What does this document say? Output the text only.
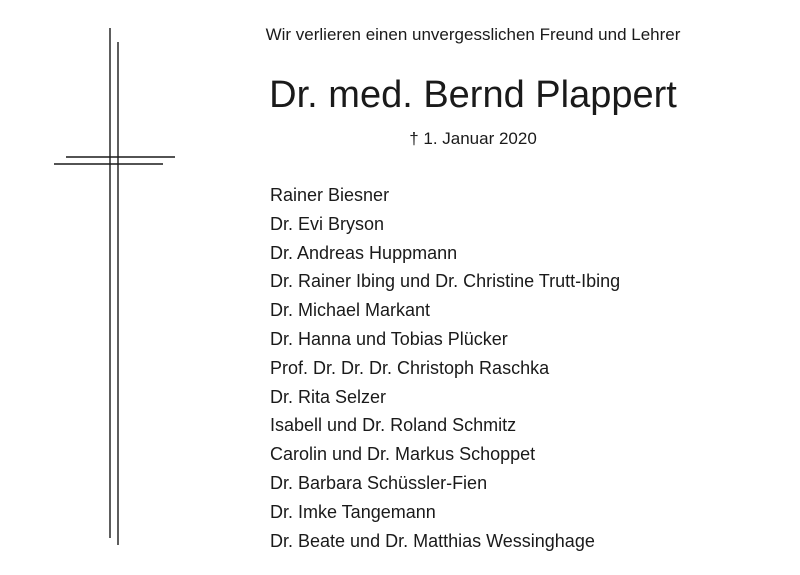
Wir verlieren einen unvergesslichen Freund und Lehrer
Dr. med. Bernd Plappert
† 1. Januar 2020
Rainer Biesner
Dr. Evi Bryson
Dr. Andreas Huppmann
Dr. Rainer Ibing und Dr. Christine Trutt-Ibing
Dr. Michael Markant
Dr. Hanna und Tobias Plücker
Prof. Dr. Dr. Dr. Christoph Raschka
Dr. Rita Selzer
Isabell und Dr. Roland Schmitz
Carolin und Dr. Markus Schoppet
Dr. Barbara Schüssler-Fien
Dr. Imke Tangemann
Dr. Beate und Dr. Matthias Wessinghage
